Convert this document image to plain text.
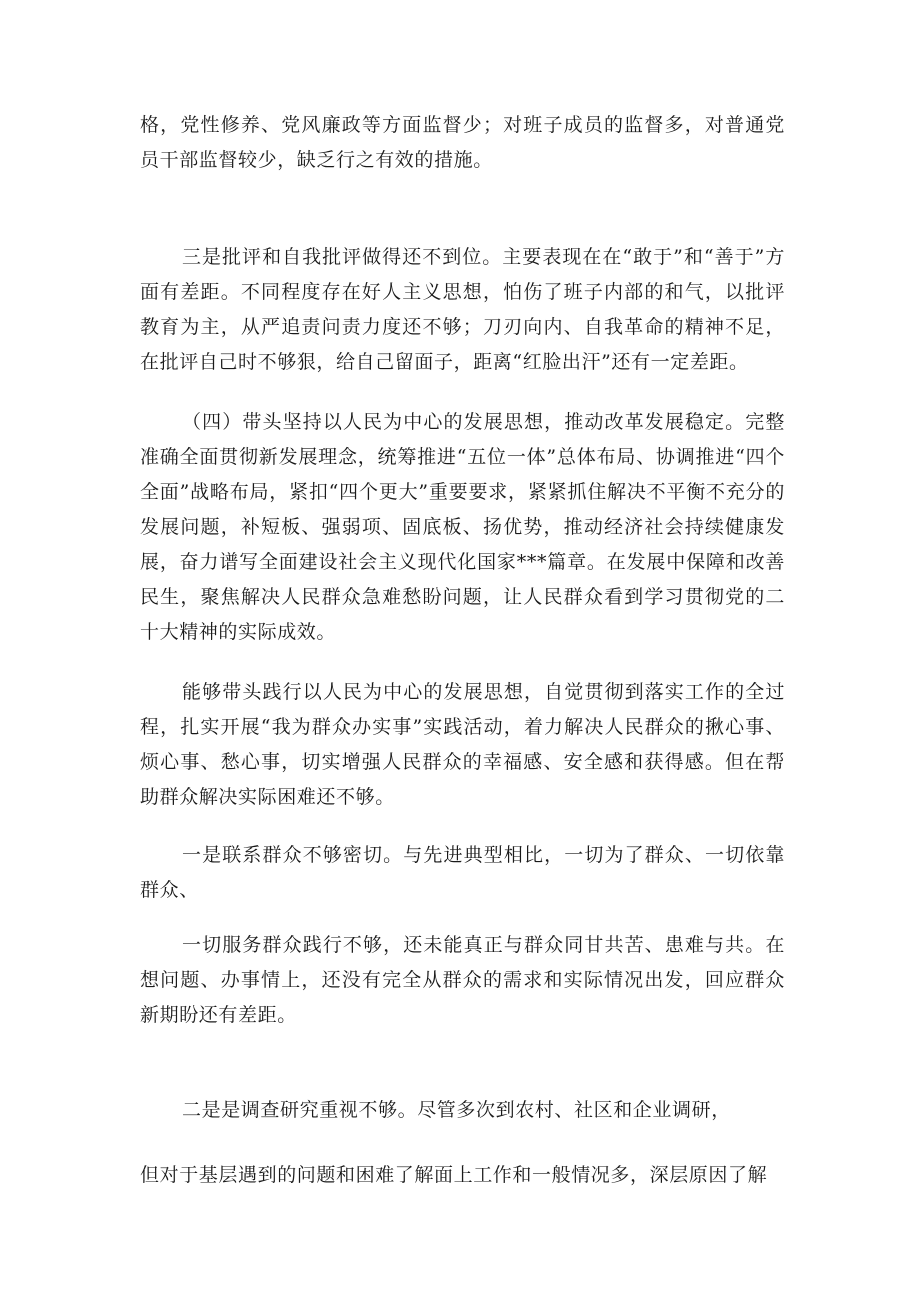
格，党性修养、党风廉政等方面监督少；对班子成员的监督多，对普通党员干部监督较少，缺乏行之有效的措施。

三是批评和自我批评做得还不到位。主要表现在在“敢于”和“善于”方面有差距。不同程度存在好人主义思想，怕伤了班子内部的和气，以批评教育为主，从严追责问责力度还不够；刀刃向内、自我革命的精神不足，在批评自己时不够狠，给自己留面子，距离“红脸出汗”还有一定差距。

（四）带头坚持以人民为中心的发展思想，推动改革发展稳定。完整准确全面贯彻新发展理念，统筹推进“五位一体”总体布局、协调推进“四个全面”战略布局，紧扣“四个更大”重要要求，紧紧抓住解决不平衡不充分的发展问题，补短板、强弱项、固底板、扬优势，推动经济社会持续健康发展，奋力谱写全面建设社会主义现代化国家***篇章。在发展中保障和改善民生，聚焦解决人民群众急难愁盼问题，让人民群众看到学习贯彻党的二十大精神的实际成效。

能够带头践行以人民为中心的发展思想，自觉贯彻到落实工作的全过程，扎实开展“我为群众办实事”实践活动，着力解决人民群众的揪心事、烦心事、愁心事，切实增强人民群众的幸福感、安全感和获得感。但在帮助群众解决实际困难还不够。

一是联系群众不够密切。与先进典型相比，一切为了群众、一切依靠群众、

一切服务群众践行不够，还未能真正与群众同甘共苦、患难与共。在想问题、办事情上，还没有完全从群众的需求和实际情况出发，回应群众新期盼还有差距。

二是是调查研究重视不够。尽管多次到农村、社区和企业调研，

但对于基层遇到的问题和困难了解面上工作和一般情况多，深层原因了解
